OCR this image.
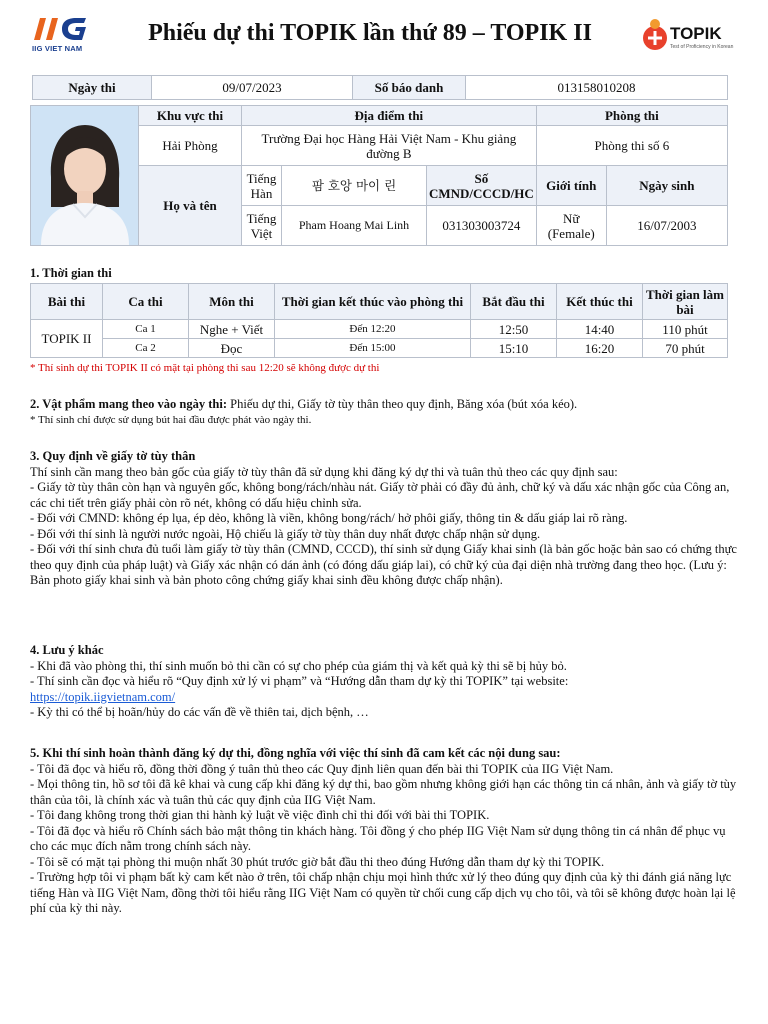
IIG VIET NAM
Phiếu dự thi TOPIK lần thứ 89 – TOPIK II	TOPIK
Test of Proficiency in Korean
Ngày thi	09/07/2023	Số báo danh	013158010208
	Khu vực thi	Địa điểm thi			Phòng thi	
	Hải Phòng	Trường Đại học Hàng Hải Việt Nam - Khu giảng đường B			Phòng thi số 6	
	Họ và tên	Tiếng Hàn	팜 호앙 마이 린	Số CMND/CCCD/HC	Giới tính	Ngày sinh
		Tiếng Việt	Pham Hoang Mai Linh	031303003724	Nữ (Female)	16/07/2003
1. Thời gian thi
Bài thi	Ca thi	Môn thi	Thời gian kết thúc vào phòng thi	Bắt đầu thi	Kết thúc thi	Thời gian làm bài
TOPIK II	Ca 1	Nghe + Viết	Đến 12:20	12:50	14:40	110 phút
	Ca 2	Đọc	Đến 15:00	15:10	16:20	70 phút
* Thí sinh dự thi TOPIK II có mặt tại phòng thi sau 12:20 sẽ không được dự thi
2. Vật phẩm mang theo vào ngày thi: Phiếu dự thi, Giấy tờ tùy thân theo quy định, Băng xóa (bút xóa kéo).
* Thí sinh chỉ được sử dụng bút hai đầu được phát vào ngày thi.
3. Quy định về giấy tờ tùy thân
Thí sinh cần mang theo bản gốc của giấy tờ tùy thân đã sử dụng khi đăng ký dự thi và tuân thủ theo các quy định sau:
- Giấy tờ tùy thân còn hạn và nguyên gốc, không bong/rách/nhàu nát. Giấy tờ phải có đầy đủ ảnh, chữ ký và dấu xác nhận gốc của Công an, các chi tiết trên giấy phải còn rõ nét, không có dấu hiệu chỉnh sửa.
- Đối với CMND: không ép lụa, ép dẻo, không là viền, không bong/rách/ hở phôi giấy, thông tin & dấu giáp lai rõ ràng.
- Đối với thí sinh là người nước ngoài, Hộ chiếu là giấy tờ tùy thân duy nhất được chấp nhận sử dụng.
- Đối với thí sinh chưa đủ tuổi làm giấy tờ tùy thân (CMND, CCCD), thí sinh sử dụng Giấy khai sinh (là bản gốc hoặc bản sao có chứng thực theo quy định của pháp luật) và Giấy xác nhận có dán ảnh (có đóng dấu giáp lai), có chữ ký của đại diện nhà trường đang theo học. (Lưu ý: Bản photo giấy khai sinh và bản photo công chứng giấy khai sinh đều không được chấp nhận).
4. Lưu ý khác
- Khi đã vào phòng thi, thí sinh muốn bỏ thi cần có sự cho phép của giám thị và kết quả kỳ thi sẽ bị hủy bỏ.
- Thí sinh cần đọc và hiểu rõ “Quy định xử lý vi phạm” và “Hướng dẫn tham dự kỳ thi TOPIK” tại website:
https://topik.iigvietnam.com/
- Kỳ thi có thể bị hoãn/hủy do các vấn đề về thiên tai, dịch bệnh, …
5. Khi thí sinh hoàn thành đăng ký dự thi, đồng nghĩa với việc thí sinh đã cam kết các nội dung sau:
- Tôi đã đọc và hiểu rõ, đồng thời đồng ý tuân thủ theo các Quy định liên quan đến bài thi TOPIK của IIG Việt Nam.
- Mọi thông tin, hồ sơ tôi đã kê khai và cung cấp khi đăng ký dự thi, bao gồm nhưng không giới hạn các thông tin cá nhân, ảnh và giấy tờ tùy thân của tôi, là chính xác và tuân thủ các quy định của IIG Việt Nam.
- Tôi đang không trong thời gian thi hành kỷ luật về việc đình chỉ thi đối với bài thi TOPIK.
- Tôi đã đọc và hiểu rõ Chính sách bảo mật thông tin khách hàng. Tôi đồng ý cho phép IIG Việt Nam sử dụng thông tin cá nhân để phục vụ cho các mục đích nằm trong chính sách này.
- Tôi sẽ có mặt tại phòng thi muộn nhất 30 phút trước giờ bắt đầu thi theo đúng Hướng dẫn tham dự kỳ thi TOPIK.
- Trường hợp tôi vi phạm bất kỳ cam kết nào ở trên, tôi chấp nhận chịu mọi hình thức xử lý theo đúng quy định của kỳ thi đánh giá năng lực tiếng Hàn và IIG Việt Nam, đồng thời tôi hiểu rằng IIG Việt Nam có quyền từ chối cung cấp dịch vụ cho tôi, và tôi sẽ không được hoàn lại lệ phí của kỳ thi này.
